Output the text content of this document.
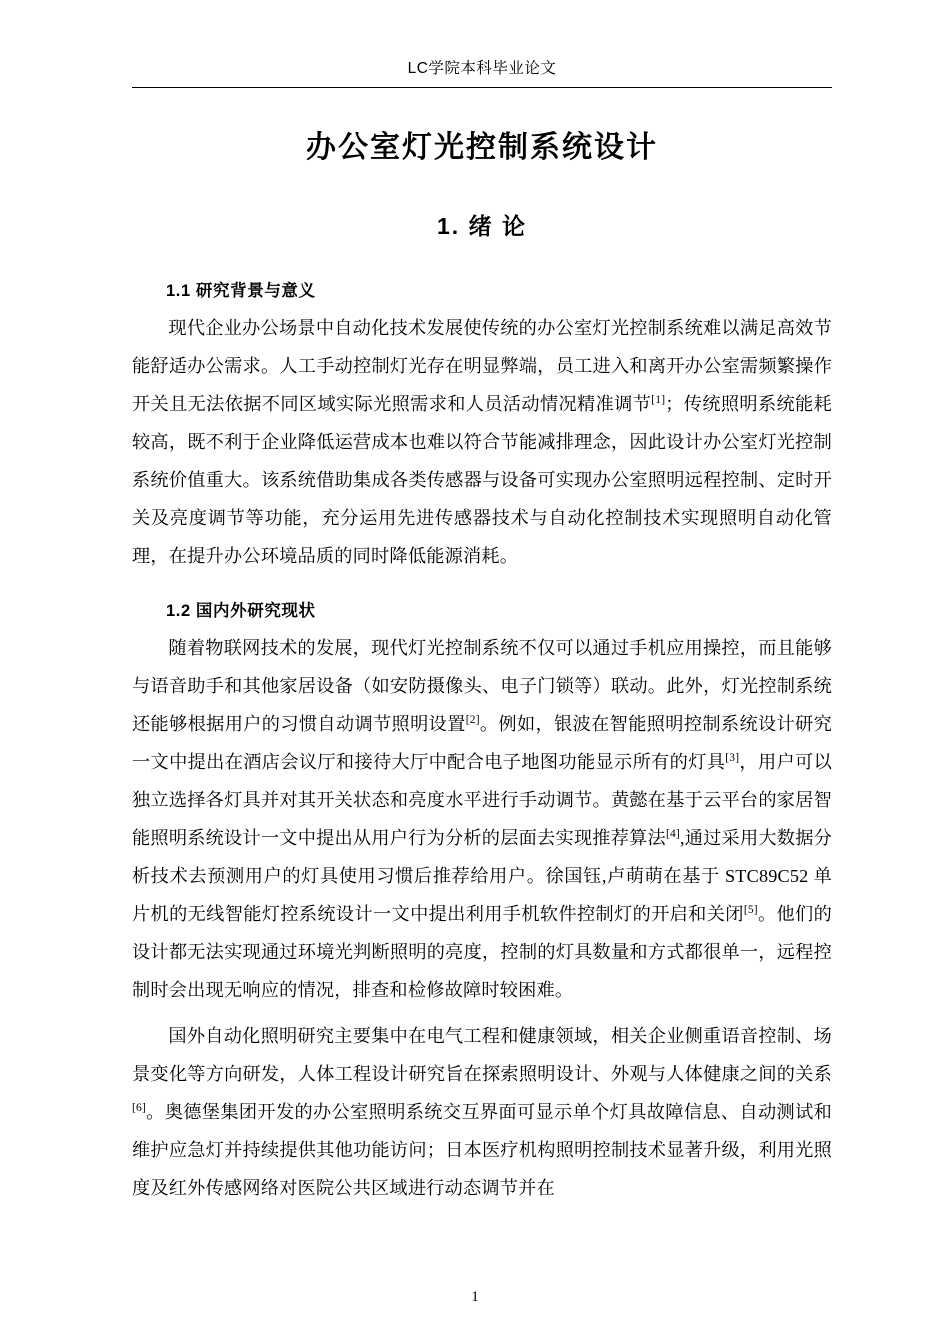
LC学院本科毕业论文
办公室灯光控制系统设计
1. 绪 论
1.1 研究背景与意义

现代企业办公场景中自动化技术发展使传统的办公室灯光控制系统难以满足高效节能舒适办公需求。人工手动控制灯光存在明显弊端，员工进入和离开办公室需频繁操作开关且无法依据不同区域实际光照需求和人员活动情况精准调节[1]；传统照明系统能耗较高，既不利于企业降低运营成本也难以符合节能减排理念，因此设计办公室灯光控制系统价值重大。该系统借助集成各类传感器与设备可实现办公室照明远程控制、定时开关及亮度调节等功能，充分运用先进传感器技术与自动化控制技术实现照明自动化管理，在提升办公环境品质的同时降低能源消耗。

1.2 国内外研究现状

随着物联网技术的发展，现代灯光控制系统不仅可以通过手机应用操控，而且能够与语音助手和其他家居设备（如安防摄像头、电子门锁等）联动。此外，灯光控制系统还能够根据用户的习惯自动调节照明设置[2]。例如，银波在智能照明控制系统设计研究一文中提出在酒店会议厅和接待大厅中配合电子地图功能显示所有的灯具[3]，用户可以独立选择各灯具并对其开关状态和亮度水平进行手动调节。黄懿在基于云平台的家居智能照明系统设计一文中提出从用户行为分析的层面去实现推荐算法[4],通过采用大数据分析技术去预测用户的灯具使用习惯后推荐给用户。徐国钰,卢萌萌在基于 STC89C52 单片机的无线智能灯控系统设计一文中提出利用手机软件控制灯的开启和关闭[5]。他们的设计都无法实现通过环境光判断照明的亮度，控制的灯具数量和方式都很单一，远程控制时会出现无响应的情况，排查和检修故障时较困难。

国外自动化照明研究主要集中在电气工程和健康领域，相关企业侧重语音控制、场景变化等方向研发，人体工程设计研究旨在探索照明设计、外观与人体健康之间的关系[6]。奥德堡集团开发的办公室照明系统交互界面可显示单个灯具故障信息、自动测试和维护应急灯并持续提供其他功能访问；日本医疗机构照明控制技术显著升级，利用光照度及红外传感网络对医院公共区域进行动态调节并在

1
